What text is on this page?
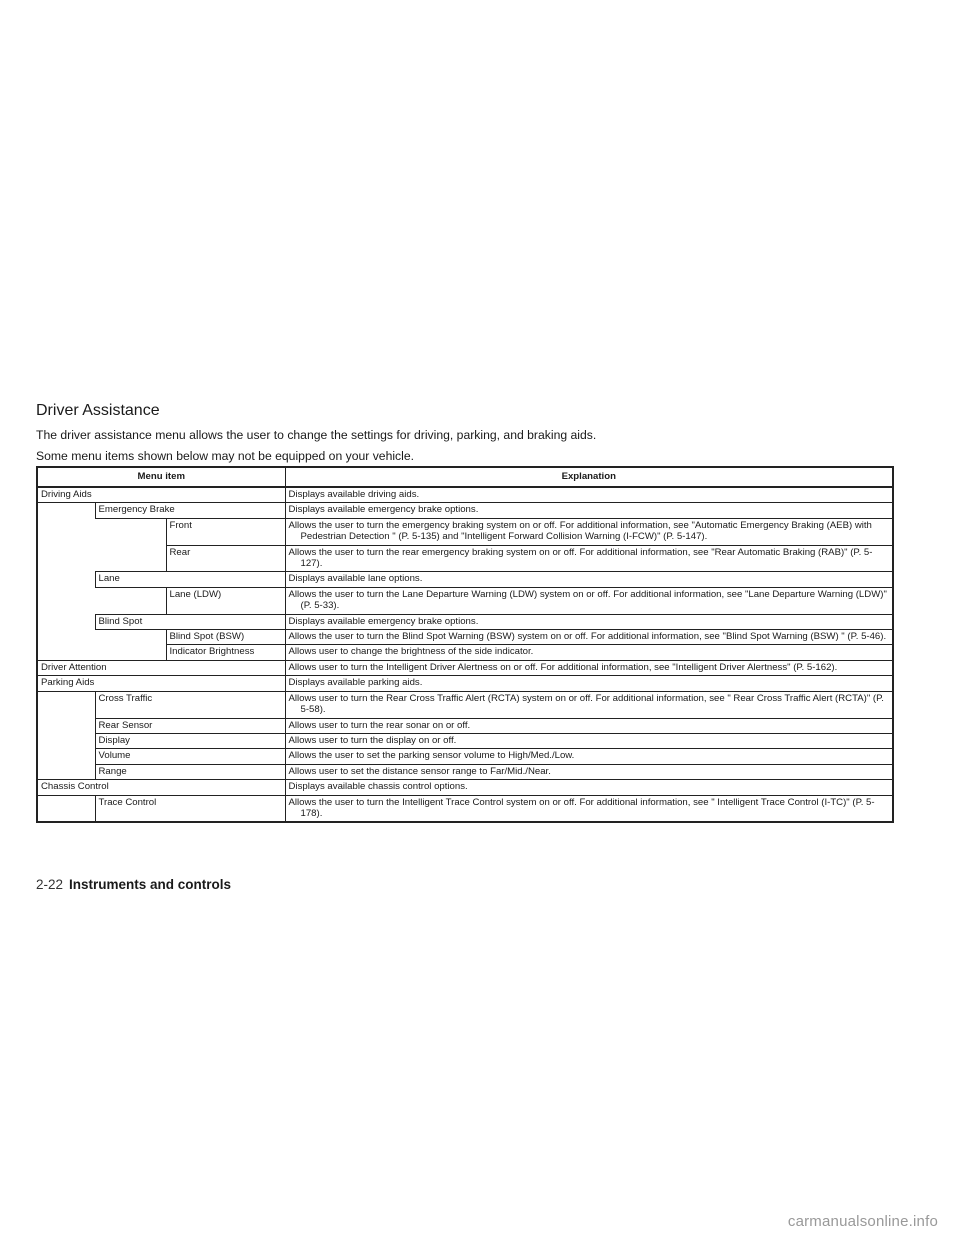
Driver Assistance

The driver assistance menu allows the user to change the settings for driving, parking, and braking aids.

Some menu items shown below may not be equipped on your vehicle.

Menu item			Explanation
Driving Aids			Displays available driving aids.

	Emergency Brake		Displays available emergency brake options.

		Front	Allows the user to turn the emergency braking system on or off. For additional information, see "Automatic Emergency Braking (AEB) with Pedestrian Detection " (P. 5-135) and "Intelligent Forward Collision Warning (I-FCW)" (P. 5-147).

		Rear	Allows the user to turn the rear emergency braking system on or off. For additional information, see "Rear Automatic Braking (RAB)" (P. 5-127).

	Lane		Displays available lane options.

		Lane (LDW)	Allows the user to turn the Lane Departure Warning (LDW) system on or off. For additional information, see "Lane Departure Warning (LDW)" (P. 5-33).

	Blind Spot		Displays available emergency brake options.

		Blind Spot (BSW)	Allows the user to turn the Blind Spot Warning (BSW) system on or off. For additional information, see "Blind Spot Warning (BSW) " (P. 5-46).

		Indicator Brightness	Allows user to change the brightness of the side indicator.

Driver Attention			Allows user to turn the Intelligent Driver Alertness on or off. For additional information, see "Intelligent Driver Alertness" (P. 5-162).

Parking Aids			Displays available parking aids.

	Cross Traffic		Allows user to turn the Rear Cross Traffic Alert (RCTA) system on or off. For additional information, see " Rear Cross Traffic Alert (RCTA)" (P. 5-58).

	Rear Sensor		Allows user to turn the rear sonar on or off.

	Display		Allows user to turn the display on or off.

	Volume		Allows the user to set the parking sensor volume to High/Med./Low.

	Range		Allows user to set the distance sensor range to Far/Mid./Near.

Chassis Control			Displays available chassis control options.

	Trace Control		Allows the user to turn the Intelligent Trace Control system on or off. For additional information, see " Intelligent Trace Control (I-TC)" (P. 5-178).
2-22 Instruments and controls
carmanualsonline.info
